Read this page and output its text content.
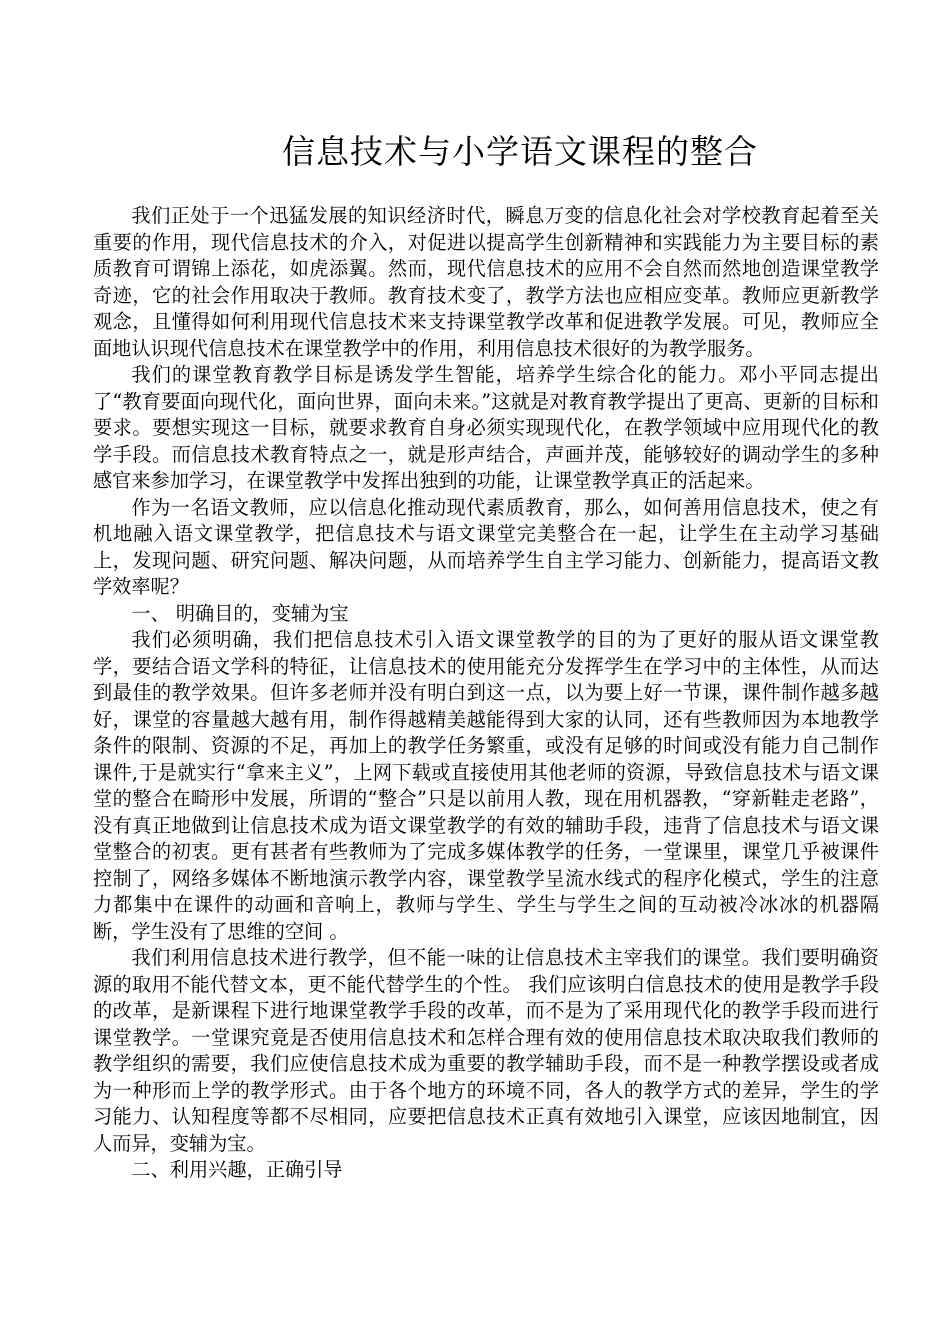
信息技术与小学语文课程的整合

我们正处于一个迅猛发展的知识经济时代，瞬息万变的信息化社会对学校教育起着至关重要的作用，现代信息技术的介入，对促进以提高学生创新精神和实践能力为主要目标的素质教育可谓锦上添花，如虎添翼。然而，现代信息技术的应用不会自然而然地创造课堂教学奇迹，它的社会作用取决于教师。教育技术变了，教学方法也应相应变革。教师应更新教学观念，且懂得如何利用现代信息技术来支持课堂教学改革和促进教学发展。可见，教师应全面地认识现代信息技术在课堂教学中的作用，利用信息技术很好的为教学服务。

我们的课堂教育教学目标是诱发学生智能，培养学生综合化的能力。邓小平同志提出了“教育要面向现代化，面向世界，面向未来。”这就是对教育教学提出了更高、更新的目标和要求。要想实现这一目标，就要求教育自身必须实现现代化，在教学领域中应用现代化的教学手段。而信息技术教育特点之一，就是形声结合，声画并茂，能够较好的调动学生的多种感官来参加学习，在课堂教学中发挥出独到的功能，让课堂教学真正的活起来。

作为一名语文教师，应以信息化推动现代素质教育，那么，如何善用信息技术，使之有机地融入语文课堂教学，把信息技术与语文课堂完美整合在一起，让学生在主动学习基础上，发现问题、研究问题、解决问题，从而培养学生自主学习能力、创新能力，提高语文教学效率呢？

一、 明确目的，变辅为宝

我们必须明确，我们把信息技术引入语文课堂教学的目的为了更好的服从语文课堂教学，要结合语文学科的特征，让信息技术的使用能充分发挥学生在学习中的主体性，从而达到最佳的教学效果。但许多老师并没有明白到这一点，以为要上好一节课，课件制作越多越好，课堂的容量越大越有用，制作得越精美越能得到大家的认同，还有些教师因为本地教学条件的限制、资源的不足，再加上的教学任务繁重，或没有足够的时间或没有能力自己制作课件,于是就实行“拿来主义”，上网下载或直接使用其他老师的资源，导致信息技术与语文课堂的整合在畸形中发展，所谓的“整合”只是以前用人教，现在用机器教，“穿新鞋走老路”，没有真正地做到让信息技术成为语文课堂教学的有效的辅助手段，违背了信息技术与语文课堂整合的初衷。更有甚者有些教师为了完成多媒体教学的任务，一堂课里，课堂几乎被课件控制了，网络多媒体不断地演示教学内容，课堂教学呈流水线式的程序化模式，学生的注意力都集中在课件的动画和音响上，教师与学生、学生与学生之间的互动被冷冰冰的机器隔断，学生没有了思维的空间 。

我们利用信息技术进行教学，但不能一味的让信息技术主宰我们的课堂。我们要明确资源的取用不能代替文本，更不能代替学生的个性。 我们应该明白信息技术的使用是教学手段的改革，是新课程下进行地课堂教学手段的改革，而不是为了采用现代化的教学手段而进行课堂教学。一堂课究竟是否使用信息技术和怎样合理有效的使用信息技术取决取我们教师的教学组织的需要，我们应使信息技术成为重要的教学辅助手段，而不是一种教学摆设或者成为一种形而上学的教学形式。由于各个地方的环境不同，各人的教学方式的差异，学生的学习能力、认知程度等都不尽相同，应要把信息技术正真有效地引入课堂，应该因地制宜，因人而异，变辅为宝。

二、利用兴趣，正确引导
